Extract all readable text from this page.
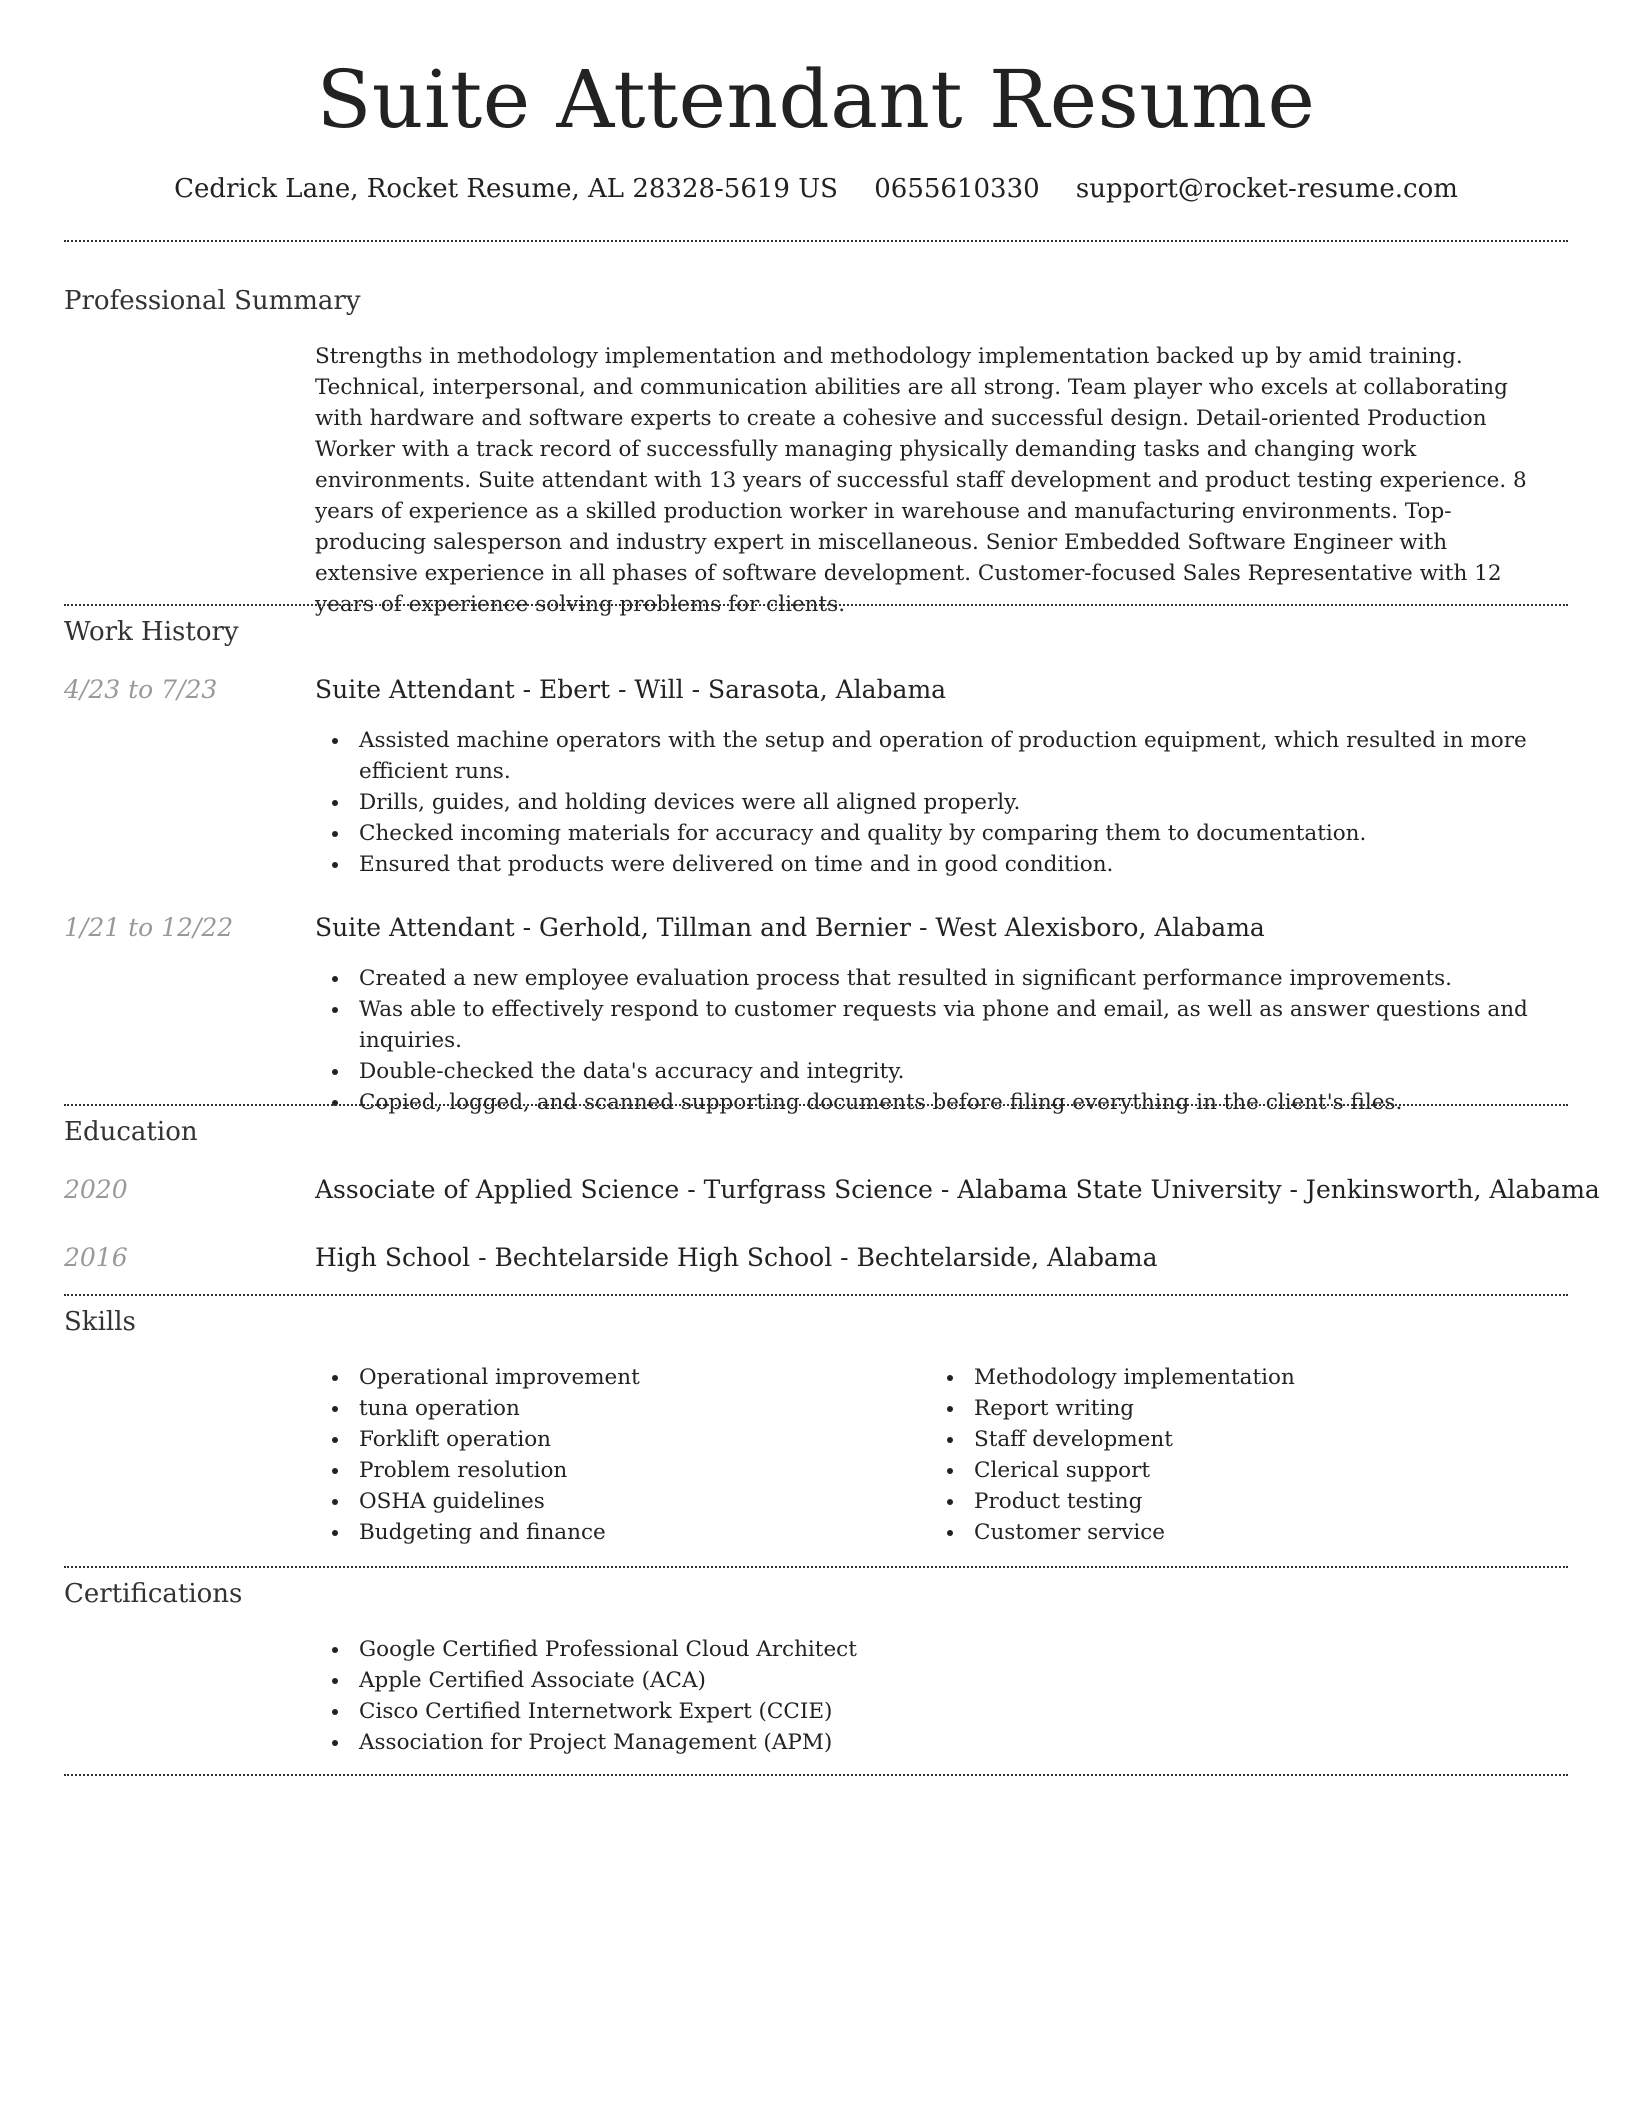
Suite Attendant Resume
Cedrick Lane, Rocket Resume, AL 28328-5619 US 0655610330 support@rocket-resume.com
Professional Summary
Strengths in methodology implementation and methodology implementation backed up by amid training. Technical, interpersonal, and communication abilities are all strong. Team player who excels at collaborating with hardware and software experts to create a cohesive and successful design. Detail-oriented Production Worker with a track record of successfully managing physically demanding tasks and changing work environments. Suite attendant with 13 years of successful staff development and product testing experience. 8 years of experience as a skilled production worker in warehouse and manufacturing environments. Top-producing salesperson and industry expert in miscellaneous. Senior Embedded Software Engineer with extensive experience in all phases of software development. Customer-focused Sales Representative with 12 years of experience solving problems for clients.
Work History
4/23 to 7/23	Suite Attendant - Ebert - Will - Sarasota, Alabama
Assisted machine operators with the setup and operation of production equipment, which resulted in more efficient runs.
Drills, guides, and holding devices were all aligned properly.
Checked incoming materials for accuracy and quality by comparing them to documentation.
Ensured that products were delivered on time and in good condition.
1/21 to 12/22	Suite Attendant - Gerhold, Tillman and Bernier - West Alexisboro, Alabama
Created a new employee evaluation process that resulted in significant performance improvements.
Was able to effectively respond to customer requests via phone and email, as well as answer questions and inquiries.
Double-checked the data's accuracy and integrity.
Copied, logged, and scanned supporting documents before filing everything in the client's files.
Education
2020	Associate of Applied Science - Turfgrass Science - Alabama State University - Jenkinsworth, Alabama
2016	High School - Bechtelarside High School - Bechtelarside, Alabama
Skills
Operational improvement
tuna operation
Forklift operation
Problem resolution
OSHA guidelines
Budgeting and finance
Methodology implementation
Report writing
Staff development
Clerical support
Product testing
Customer service
Certifications
Google Certified Professional Cloud Architect
Apple Certified Associate (ACA)
Cisco Certified Internetwork Expert (CCIE)
Association for Project Management (APM)
